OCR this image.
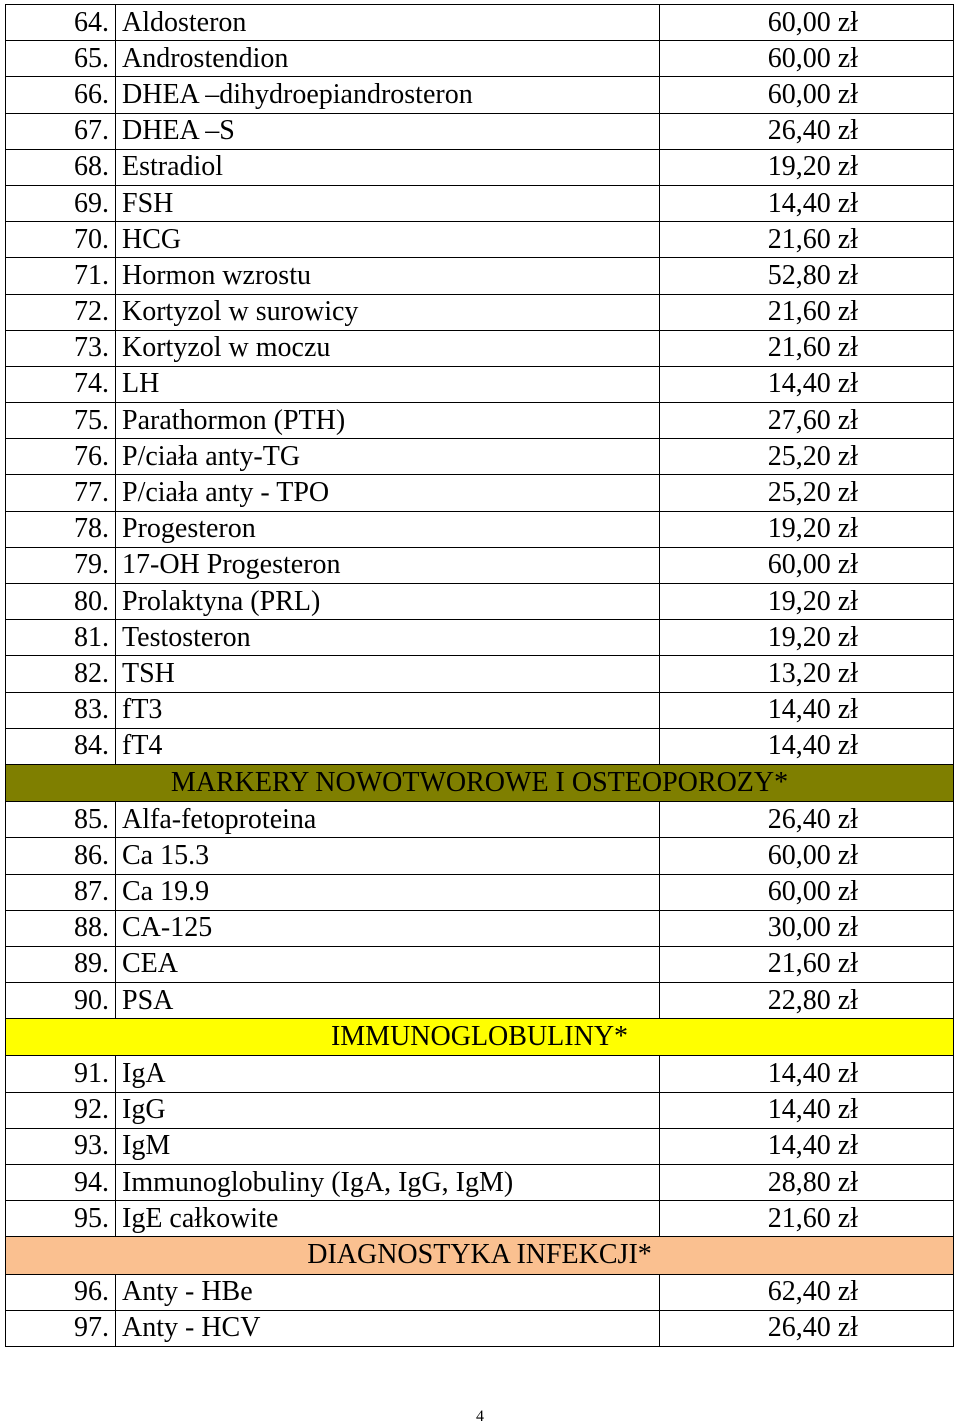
64.	Aldosteron	60,00 zł
65.	Androstendion	60,00 zł
66.	DHEA –dihydroepiandrosteron	60,00 zł
67.	DHEA –S	26,40 zł
68.	Estradiol	19,20 zł
69.	FSH	14,40 zł
70.	HCG	21,60 zł
71.	Hormon wzrostu	52,80 zł
72.	Kortyzol w surowicy	21,60 zł
73.	Kortyzol w moczu	21,60 zł
74.	LH	14,40 zł
75.	Parathormon (PTH)	27,60 zł
76.	P/ciała anty-TG	25,20 zł
77.	P/ciała anty - TPO	25,20 zł
78.	Progesteron	19,20 zł
79.	17-OH Progesteron	60,00 zł
80.	Prolaktyna (PRL)	19,20 zł
81.	Testosteron	19,20 zł
82.	TSH	13,20 zł
83.	fT3	14,40 zł
84.	fT4	14,40 zł
MARKERY NOWOTWOROWE I OSTEOPOROZY*		
85.	Alfa-fetoproteina	26,40 zł
86.	Ca 15.3	60,00 zł
87.	Ca 19.9	60,00 zł
88.	CA-125	30,00 zł
89.	CEA	21,60 zł
90.	PSA	22,80 zł
IMMUNOGLOBULINY*		
91.	IgA	14,40 zł
92.	IgG	14,40 zł
93.	IgM	14,40 zł
94.	Immunoglobuliny (IgA, IgG, IgM)	28,80 zł
95.	IgE całkowite	21,60 zł
DIAGNOSTYKA INFEKCJI*		
96.	Anty - HBe	62,40 zł
97.	Anty - HCV	26,40 zł
4
